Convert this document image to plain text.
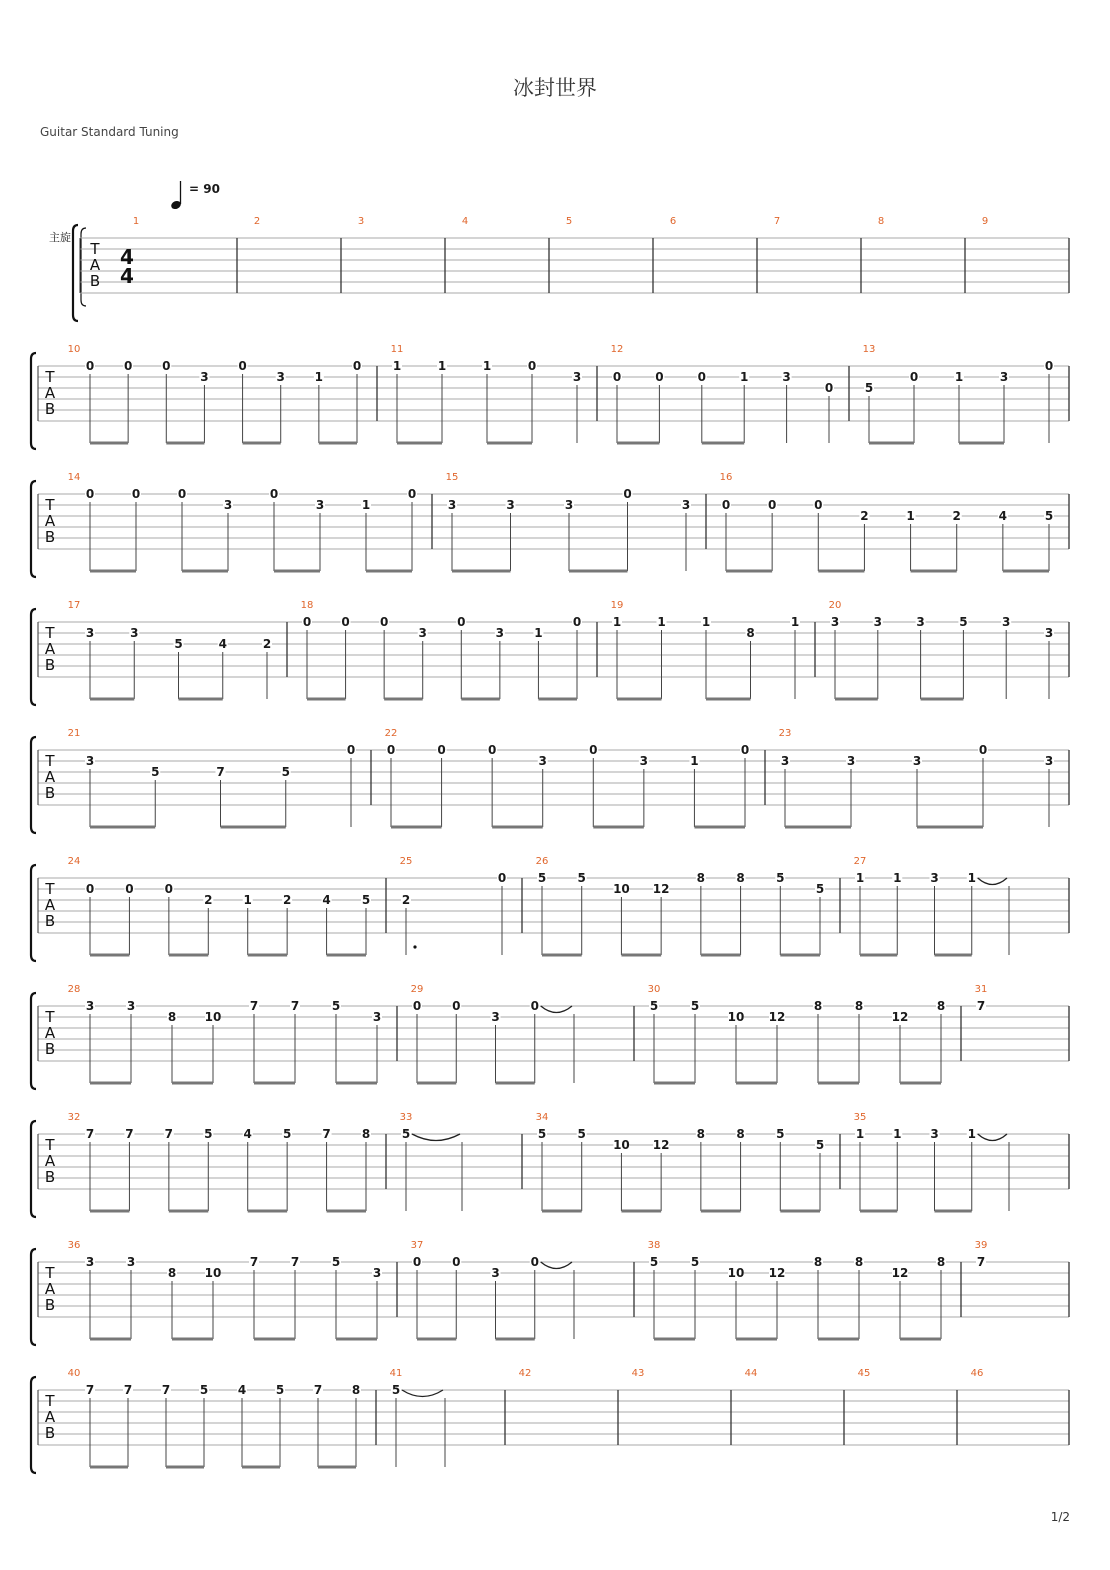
冰封世界
Guitar Standard Tuning
= 90
主旋
T
A
B
4
4
1	2	3	4	5	6	7	8	9
T
A
B
10
0 0 0
3
0
3 1
0
11
1	1	1	0
3
12
0	0	0	1	3
0
13
5
0	1	3
0
T
A
B
14
0	0	0
3
0
3	1
0
15
3	3	3
0
3
16
0	0	0
2	1	2	4	5
T
A
B
17
3	3
5	4	2
18
0	0	0
3
0
3	1
0
19
1	1	1
8
1
20
3	3	3	5	3
3
T
A
B
21
3
5	7	5
0
22
0	0	0
3
0
3	1
0
23
3	3	3
0
3
T
A
B
24
0	0	0
2	1	2	4	5
25
2
0
26
5	5
10 12
8	8	5
5
27
1 1 3 1
T
A
B
28
3	3
8 10
7	7	5
3
29
0	0
3
0
30
5	5
10 12
8	8
12
8
31
7
T
A
B
32
7	7	7	5	4	5	7	8
33
5
34
5	5
10 12
8	8	5
5
35
1 1 3 1
T
A
B
36
3	3
8 10
7	7	5
3
37
0	0
3
0
38
5	5
10 12
8	8
12
8
39
7
T
A
B
40
7 7 7 5 4 5 7 8
41
5
42	43	44	45	46
1/2
